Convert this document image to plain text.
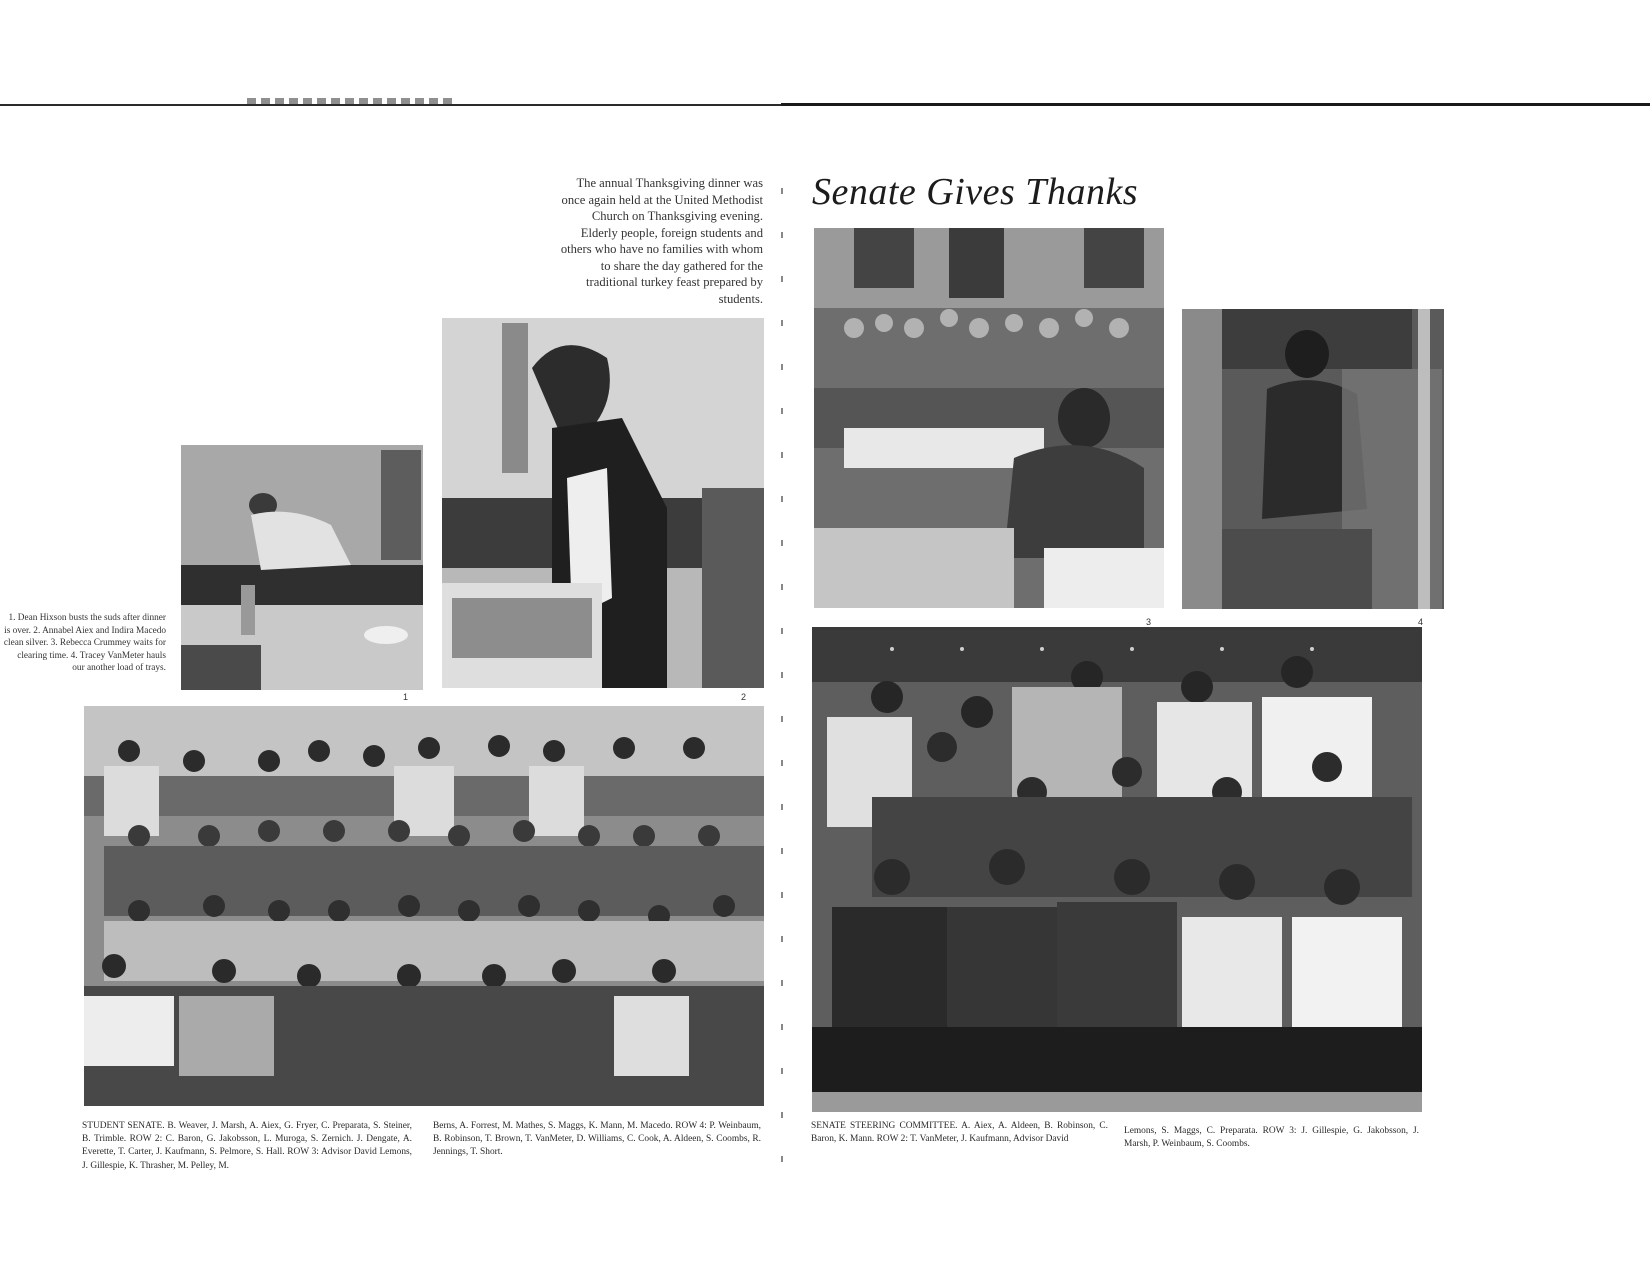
The annual Thanksgiving dinner was once again held at the United Methodist Church on Thanksgiving evening. Elderly people, foreign students and others who have no families with whom to share the day gathered for the traditional turkey feast prepared by students.
Senate Gives Thanks
1. Dean Hixson busts the suds after dinner is over. 2. Annabel Aiex and Indira Macedo clean silver. 3. Rebecca Crummey waits for clearing time. 4. Tracey VanMeter hauls our another load of trays.
1	2
3	4
STUDENT SENATE. B. Weaver, J. Marsh, A. Aiex, G. Fryer, C. Preparata, S. Steiner, B. Trimble. ROW 2: C. Baron, G. Jakobsson, L. Muroga, S. Zernich. J. Dengate, A. Everette, T. Carter, J. Kaufmann, S. Pelmore, S. Hall. ROW 3: Advisor David Lemons, J. Gillespie, K. Thrasher, M. Pelley, M.
Berns, A. Forrest, M. Mathes, S. Maggs, K. Mann, M. Macedo. ROW 4: P. Weinbaum, B. Robinson, T. Brown, T. VanMeter, D. Williams, C. Cook, A. Aldeen, S. Coombs, R. Jennings, T. Short.
SENATE STEERING COMMITTEE. A. Aiex, A. Aldeen, B. Robinson, C. Baron, K. Mann. ROW 2: T. VanMeter, J. Kaufmann, Advisor David
Lemons, S. Maggs, C. Preparata. ROW 3: J. Gillespie, G. Jakobsson, J. Marsh, P. Weinbaum, S. Coombs.
